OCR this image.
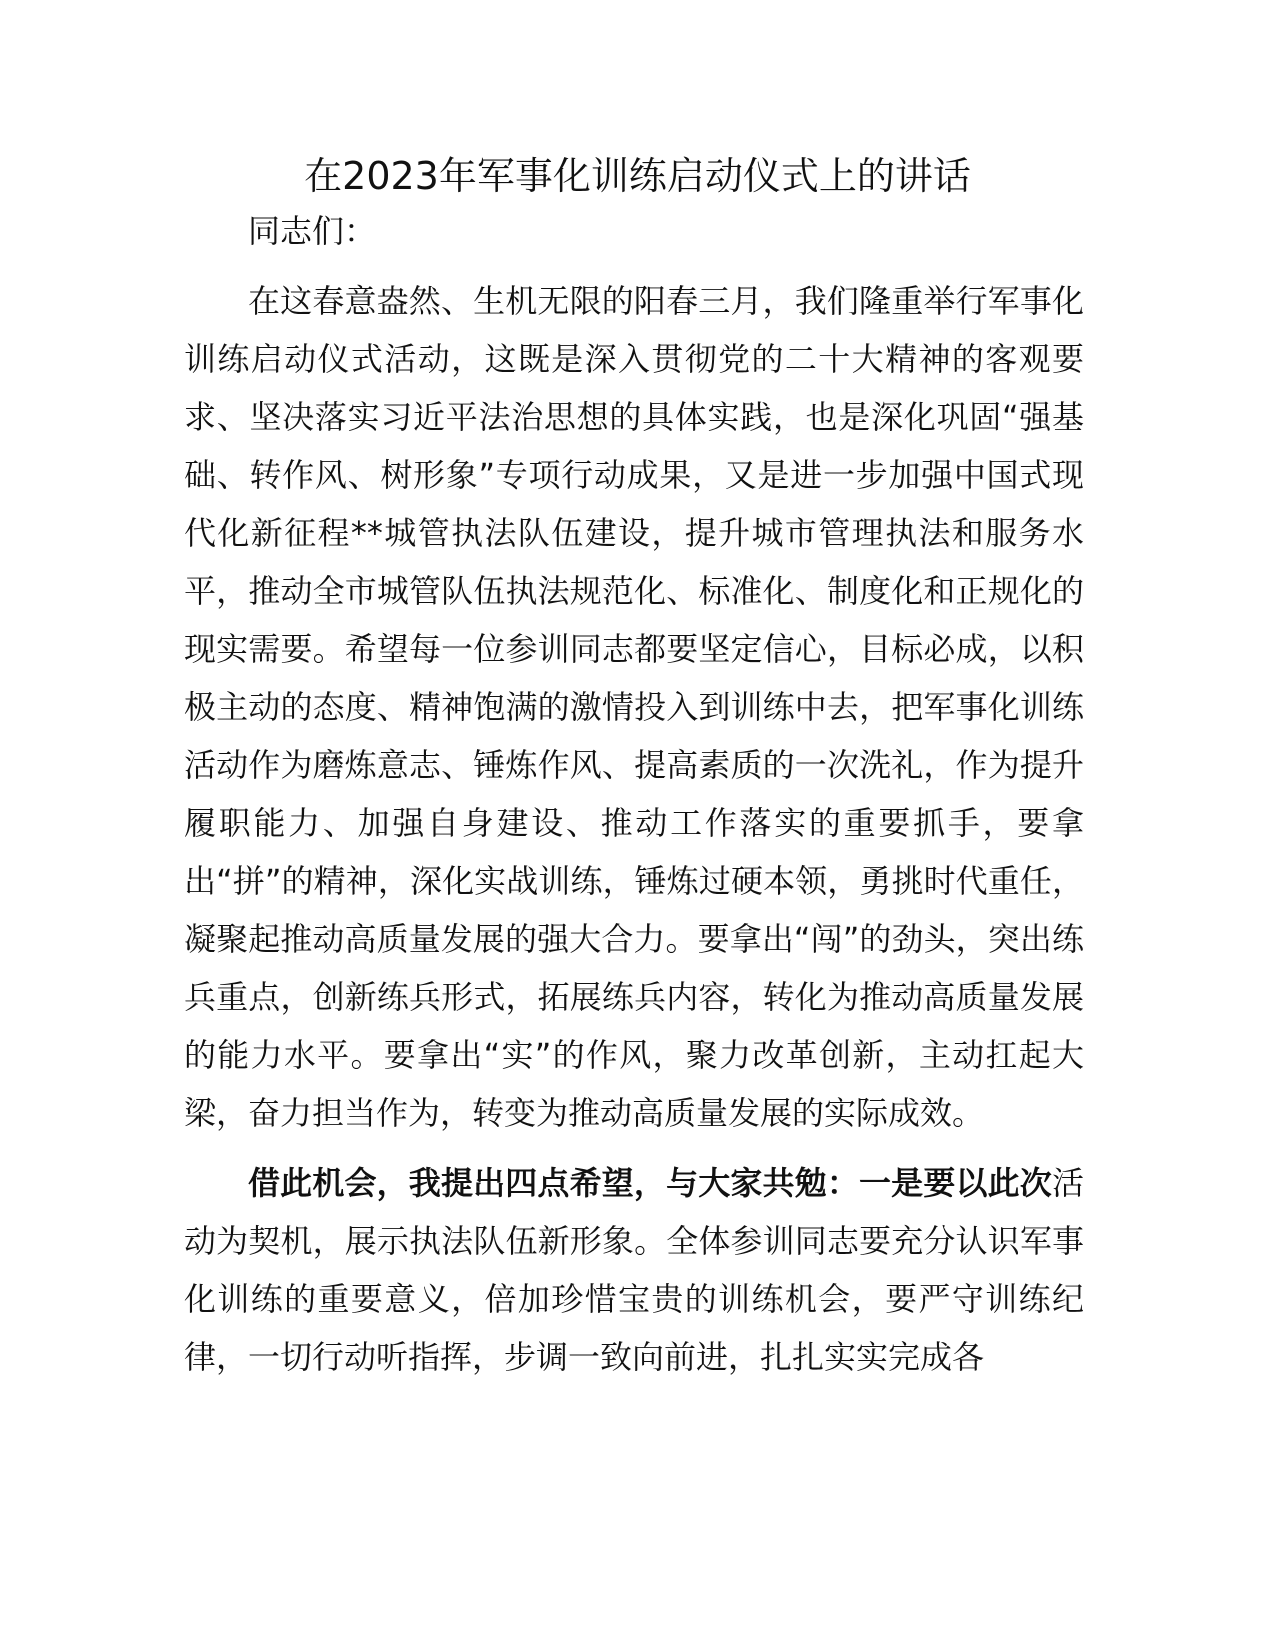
在2023年军事化训练启动仪式上的讲话

同志们：

在这春意盎然、生机无限的阳春三月，我们隆重举行军事化训练启动仪式活动，这既是深入贯彻党的二十大精神的客观要求、坚决落实习近平法治思想的具体实践，也是深化巩固“强基础、转作风、树形象”专项行动成果，又是进一步加强中国式现代化新征程**城管执法队伍建设，提升城市管理执法和服务水平，推动全市城管队伍执法规范化、标准化、制度化和正规化的现实需要。希望每一位参训同志都要坚定信心，目标必成，以积极主动的态度、精神饱满的激情投入到训练中去，把军事化训练活动作为磨炼意志、锤炼作风、提高素质的一次洗礼，作为提升履职能力、加强自身建设、推动工作落实的重要抓手，要拿出“拼”的精神，深化实战训练，锤炼过硬本领，勇挑时代重任，凝聚起推动高质量发展的强大合力。要拿出“闯”的劲头，突出练兵重点，创新练兵形式，拓展练兵内容，转化为推动高质量发展的能力水平。要拿出“实”的作风，聚力改革创新，主动扛起大梁，奋力担当作为，转变为推动高质量发展的实际成效。

借此机会，我提出四点希望，与大家共勉：一是要以此次活动为契机，展示执法队伍新形象。全体参训同志要充分认识军事化训练的重要意义，倍加珍惜宝贵的训练机会，要严守训练纪律，一切行动听指挥，步调一致向前进，扎扎实实完成各
